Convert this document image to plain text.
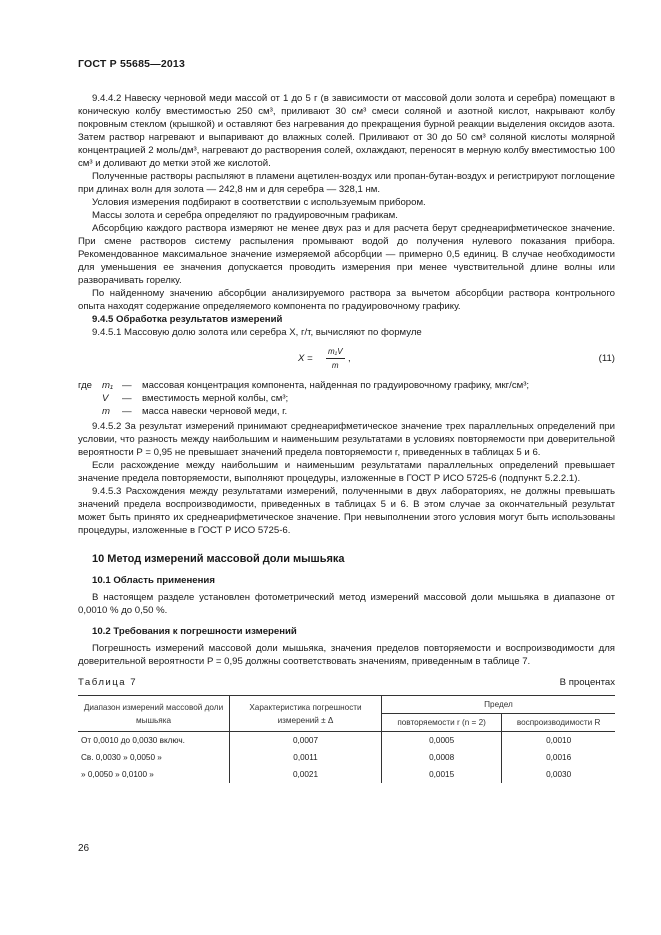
ГОСТ Р 55685—2013

9.4.4.2 Навеску черновой меди массой от 1 до 5 г (в зависимости от массовой доли золота и серебра) помещают в коническую колбу вместимостью 250 см³, приливают 30 см³ смеси соляной и азотной кислот, накрывают колбу покровным стеклом (крышкой) и оставляют без нагревания до прекращения бурной реакции выделения оксидов азота. Затем раствор нагревают и выпаривают до влажных солей. Приливают от 30 до 50 см³ соляной кислоты молярной концентрацией 2 моль/дм³, нагревают до растворения солей, охлаждают, переносят в мерную колбу вместимостью 100 см³ и доливают до метки этой же кислотой.

Полученные растворы распыляют в пламени ацетилен-воздух или пропан-бутан-воздух и регистрируют поглощение при длинах волн для золота — 242,8 нм и для серебра — 328,1 нм.

Условия измерения подбирают в соответствии с используемым прибором.

Массы золота и серебра определяют по градуировочным графикам.

Абсорбцию каждого раствора измеряют не менее двух раз и для расчета берут среднеарифметическое значение. При смене растворов систему распыления промывают водой до получения нулевого показания прибора. Рекомендованное максимальное значение измеряемой абсорбции — примерно 0,5 единиц. В случае необходимости для уменьшения ее значения допускается проводить измерения при менее чувствительной длине волны или разворачивать горелку.

По найденному значению абсорбции анализируемого раствора за вычетом абсорбции раствора контрольного опыта находят содержание определяемого компонента по градуировочному графику.

9.4.5 Обработка результатов измерений

9.4.5.1 Массовую долю золота или серебра X, г/т, вычисляют по формуле

$X = \frac{\text{m₁V}}{m}$ ,	(11)
где	m₁ —	массовая концентрация компонента, найденная по градуировочному графику, мкг/см³;
V	—	вместимость мерной колбы, см³;
m	—	масса навески черновой меди, г.

9.4.5.2 За результат измерений принимают среднеарифметическое значение трех параллельных определений при условии, что разность между наибольшим и наименьшим результатами в условиях повторяемости при доверительной вероятности P = 0,95 не превышает значений предела повторяемости r, приведенных в таблицах 5 и 6.

Если расхождение между наибольшим и наименьшим результатами параллельных определений превышает значение предела повторяемости, выполняют процедуры, изложенные в ГОСТ Р ИСО 5725-6 (подпункт 5.2.2.1).

9.4.5.3 Расхождения между результатами измерений, полученными в двух лабораториях, не должны превышать значений предела воспроизводимости, приведенных в таблицах 5 и 6. В этом случае за окончательный результат может быть принято их среднеарифметическое значение. При невыполнении этого условия могут быть использованы процедуры, изложенные в ГОСТ Р ИСО 5725-6.

10 Метод измерений массовой доли мышьяка
10.1 Область применения

В настоящем разделе установлен фотометрический метод измерений массовой доли мышьяка в диапазоне от 0,0010 % до 0,50 %.

10.2 Требования к погрешности измерений

Погрешность измерений массовой доли мышьяка, значения пределов повторяемости и воспроизводимости для доверительной вероятности P = 0,95 должны соответствовать значениям, приведенным в таблице 7.

Таблица 7	В процентах
Диапазон измерений массовой доли мышьяка	Характеристика погрешности измерений ± Δ	Предел	
		повторяемости r (n = 2)	воспроизводимости R
От 0,0010 до 0,0030 включ.	0,0007	0,0005	0,0010
Св. 0,0030 » 0,0050 »	0,0011	0,0008	0,0016
» 0,0050 » 0,0100 »	0,0021	0,0015	0,0030
26
